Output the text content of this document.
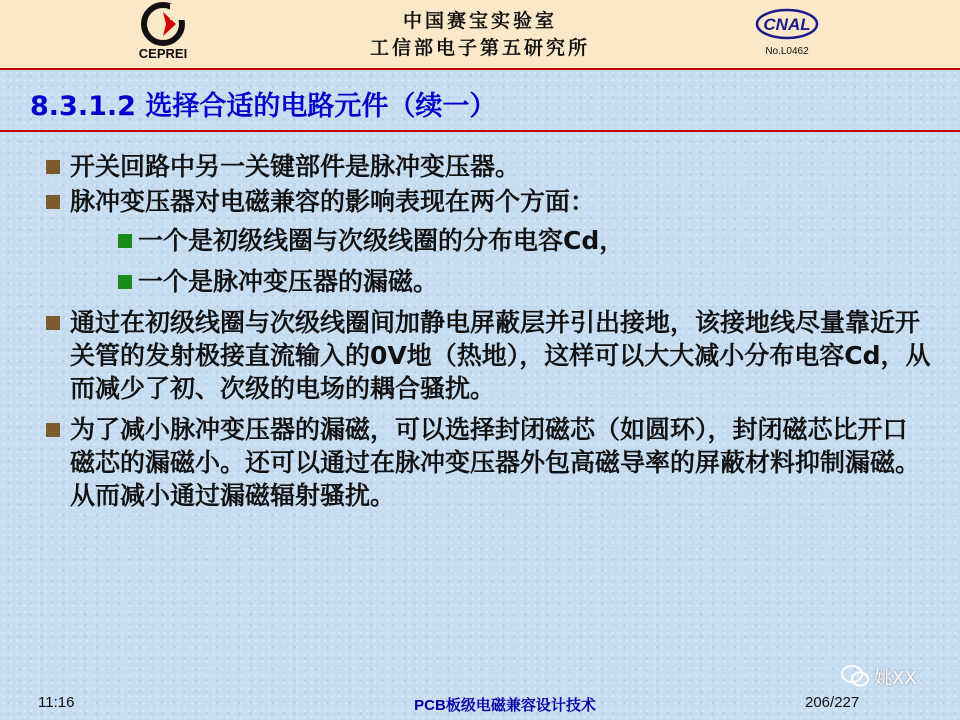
CEPREI
中国赛宝实验室
工信部电子第五研究所
CNAL
No.L0462
8.3.1.2 选择合适的电路元件（续一）
开关回路中另一关键部件是脉冲变压器。
脉冲变压器对电磁兼容的影响表现在两个方面：
一个是初级线圈与次级线圈的分布电容Cd，
一个是脉冲变压器的漏磁。
通过在初级线圈与次级线圈间加静电屏蔽层并引出接地，该接地线尽量靠近开关管的发射极接直流输入的0V地（热地），这样可以大大减小分布电容Cd，从而减少了初、次级的电场的耦合骚扰。
为了减小脉冲变压器的漏磁，可以选择封闭磁芯（如圆环），封闭磁芯比开口磁芯的漏磁小。还可以通过在脉冲变压器外包高磁导率的屏蔽材料抑制漏磁。从而减小通过漏磁辐射骚扰。
姚XX
11:16	PCB板级电磁兼容设计技术	206/227
